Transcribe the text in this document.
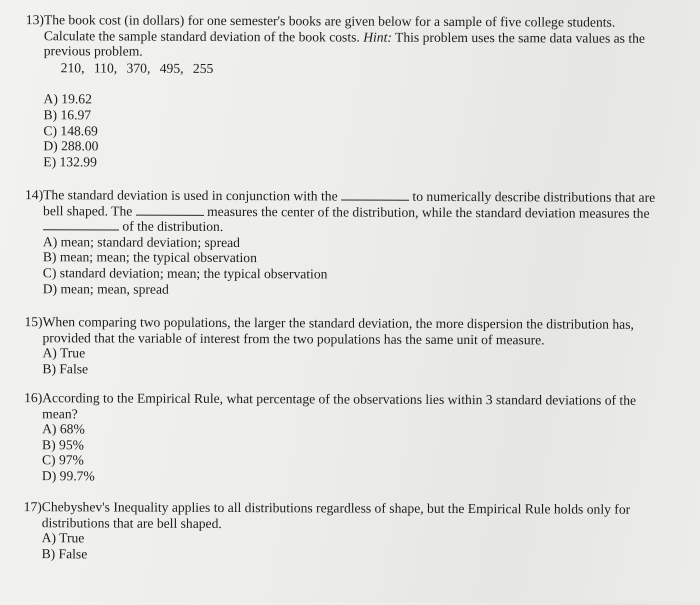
13) The book cost (in dollars) for one semester's books are given below for a sample of five college students. Calculate the sample standard deviation of the book costs. Hint: This problem uses the same data values as the previous problem.
210, 110, 370, 495, 255
A) 19.62
B) 16.97
C) 148.69
D) 288.00
E) 132.99
14) The standard deviation is used in conjunction with the	to numerically describe distributions that are bell shaped. The	measures the center of the distribution, while the standard deviation measures the  of the distribution.
A) mean; standard deviation; spread
B) mean; mean; the typical observation
C) standard deviation; mean; the typical observation
D) mean; mean, spread
15) When comparing two populations, the larger the standard deviation, the more dispersion the distribution has, provided that the variable of interest from the two populations has the same unit of measure.
A) True
B) False
16) According to the Empirical Rule, what percentage of the observations lies within 3 standard deviations of the mean?
A) 68%
B) 95%
C) 97%
D) 99.7%
17) Chebyshev's Inequality applies to all distributions regardless of shape, but the Empirical Rule holds only for distributions that are bell shaped.
A) True
B) False
